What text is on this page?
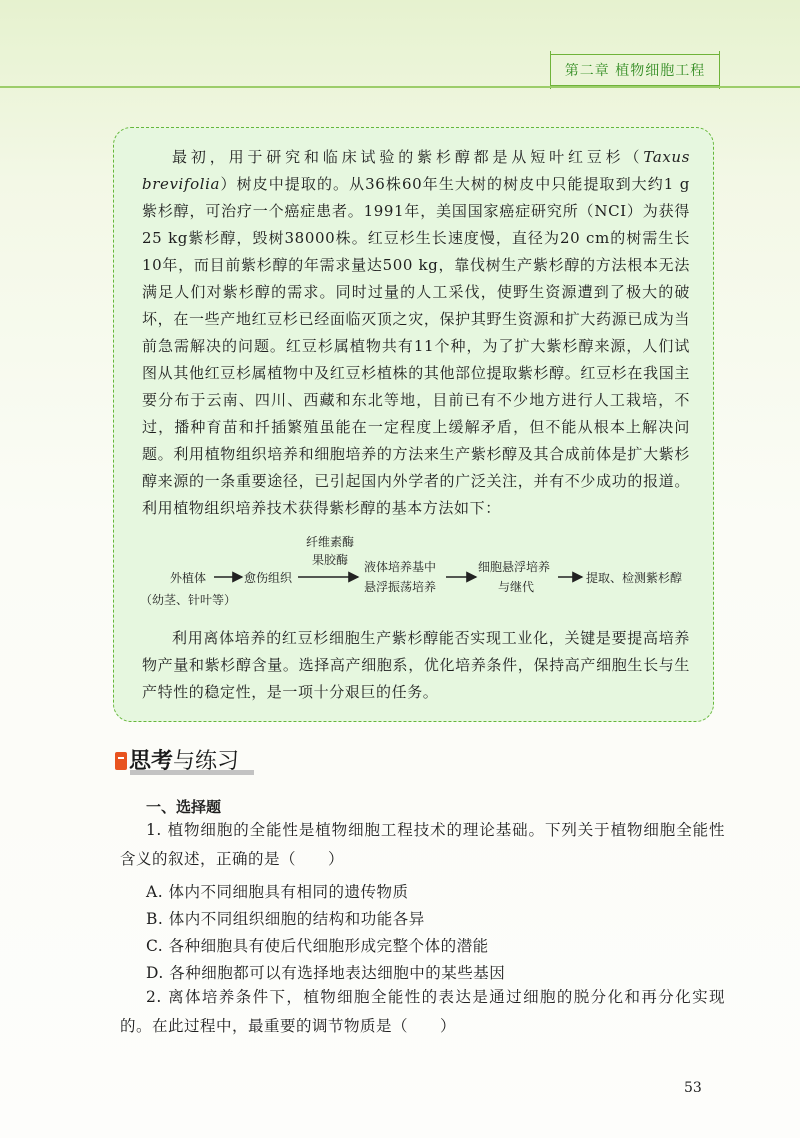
第二章 植物细胞工程

最初，用于研究和临床试验的紫杉醇都是从短叶红豆杉（Taxus brevifolia）树皮中提取的。从36株60年生大树的树皮中只能提取到大约1 g紫杉醇，可治疗一个癌症患者。1991年，美国国家癌症研究所（NCI）为获得25 kg紫杉醇，毁树38000株。红豆杉生长速度慢，直径为20 cm的树需生长10年，而目前紫杉醇的年需求量达500 kg，靠伐树生产紫杉醇的方法根本无法满足人们对紫杉醇的需求。同时过量的人工采伐，使野生资源遭到了极大的破坏，在一些产地红豆杉已经面临灭顶之灾，保护其野生资源和扩大药源已成为当前急需解决的问题。红豆杉属植物共有11个种，为了扩大紫杉醇来源，人们试图从其他红豆杉属植物中及红豆杉植株的其他部位提取紫杉醇。红豆杉在我国主要分布于云南、四川、西藏和东北等地，目前已有不少地方进行人工栽培，不过，播种育苗和扦插繁殖虽能在一定程度上缓解矛盾，但不能从根本上解决问题。利用植物组织培养和细胞培养的方法来生产紫杉醇及其合成前体是扩大紫杉醇来源的一条重要途径，已引起国内外学者的广泛关注，并有不少成功的报道。利用植物组织培养技术获得紫杉醇的基本方法如下：

外植体
（幼茎、针叶等）
愈伤组织
纤维素酶
果胶酶 液体培养基中
悬浮振荡培养
细胞悬浮培养
与继代
提取、检测紫杉醇

利用离体培养的红豆杉细胞生产紫杉醇能否实现工业化，关键是要提高培养物产量和紫杉醇含量。选择高产细胞系，优化培养条件，保持高产细胞生长与生产特性的稳定性，是一项十分艰巨的任务。

思考与练习
一、选择题

1. 植物细胞的全能性是植物细胞工程技术的理论基础。下列关于植物细胞全能性含义的叙述，正确的是（　　）

A. 体内不同细胞具有相同的遗传物质
B. 体内不同组织细胞的结构和功能各异
C. 各种细胞具有使后代细胞形成完整个体的潜能
D. 各种细胞都可以有选择地表达细胞中的某些基因

2. 离体培养条件下，植物细胞全能性的表达是通过细胞的脱分化和再分化实现的。在此过程中，最重要的调节物质是（　　）

53
